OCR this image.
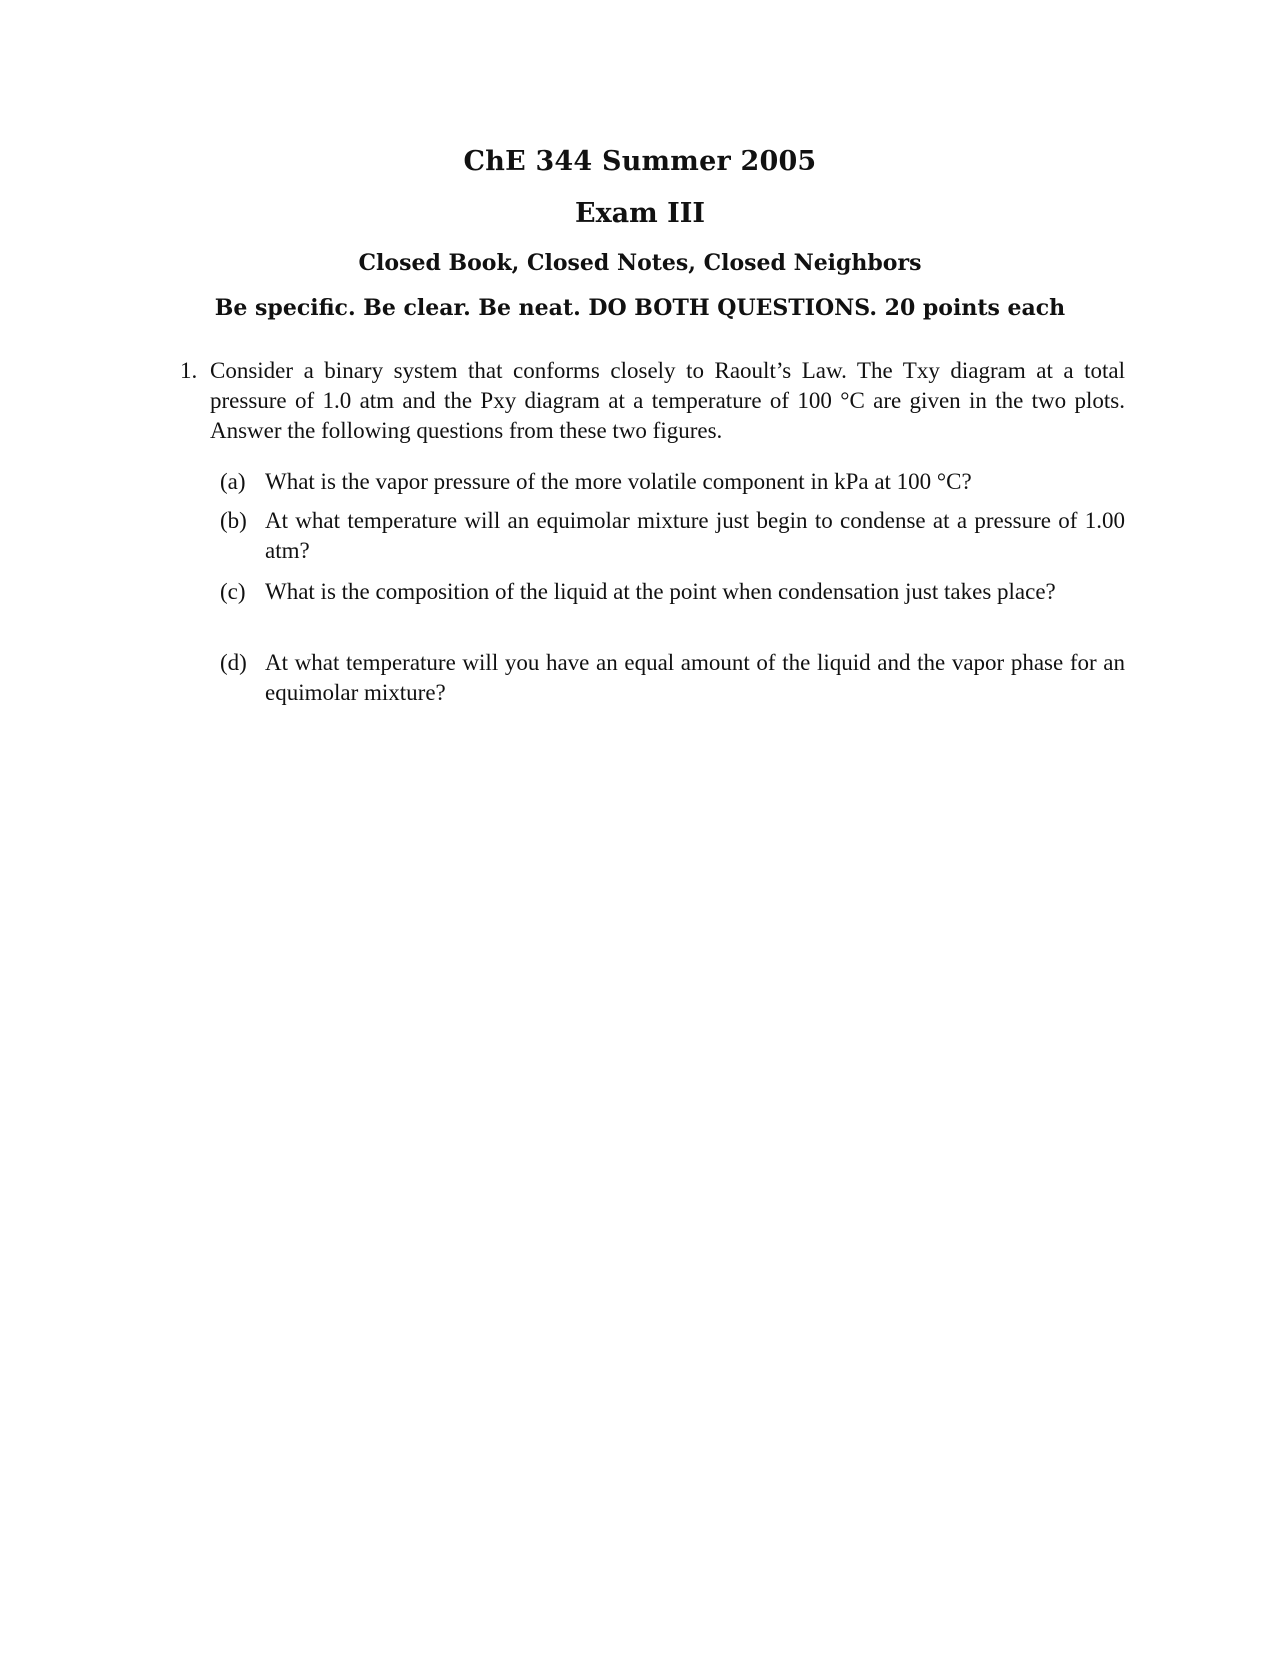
ChE 344 Summer 2005
Exam III
Closed Book, Closed Notes, Closed Neighbors
Be specific. Be clear. Be neat. DO BOTH QUESTIONS. 20 points each
1. Consider a binary system that conforms closely to Raoult’s Law. The Txy diagram at a total pressure of 1.0 atm and the Pxy diagram at a temperature of 100 °C are given in the two plots. Answer the following questions from these two figures.
(a) What is the vapor pressure of the more volatile component in kPa at 100 °C?
(b) At what temperature will an equimolar mixture just begin to condense at a pressure of 1.00 atm?
(c) What is the composition of the liquid at the point when condensation just takes place?
(d) At what temperature will you have an equal amount of the liquid and the vapor phase for an equimolar mixture?
